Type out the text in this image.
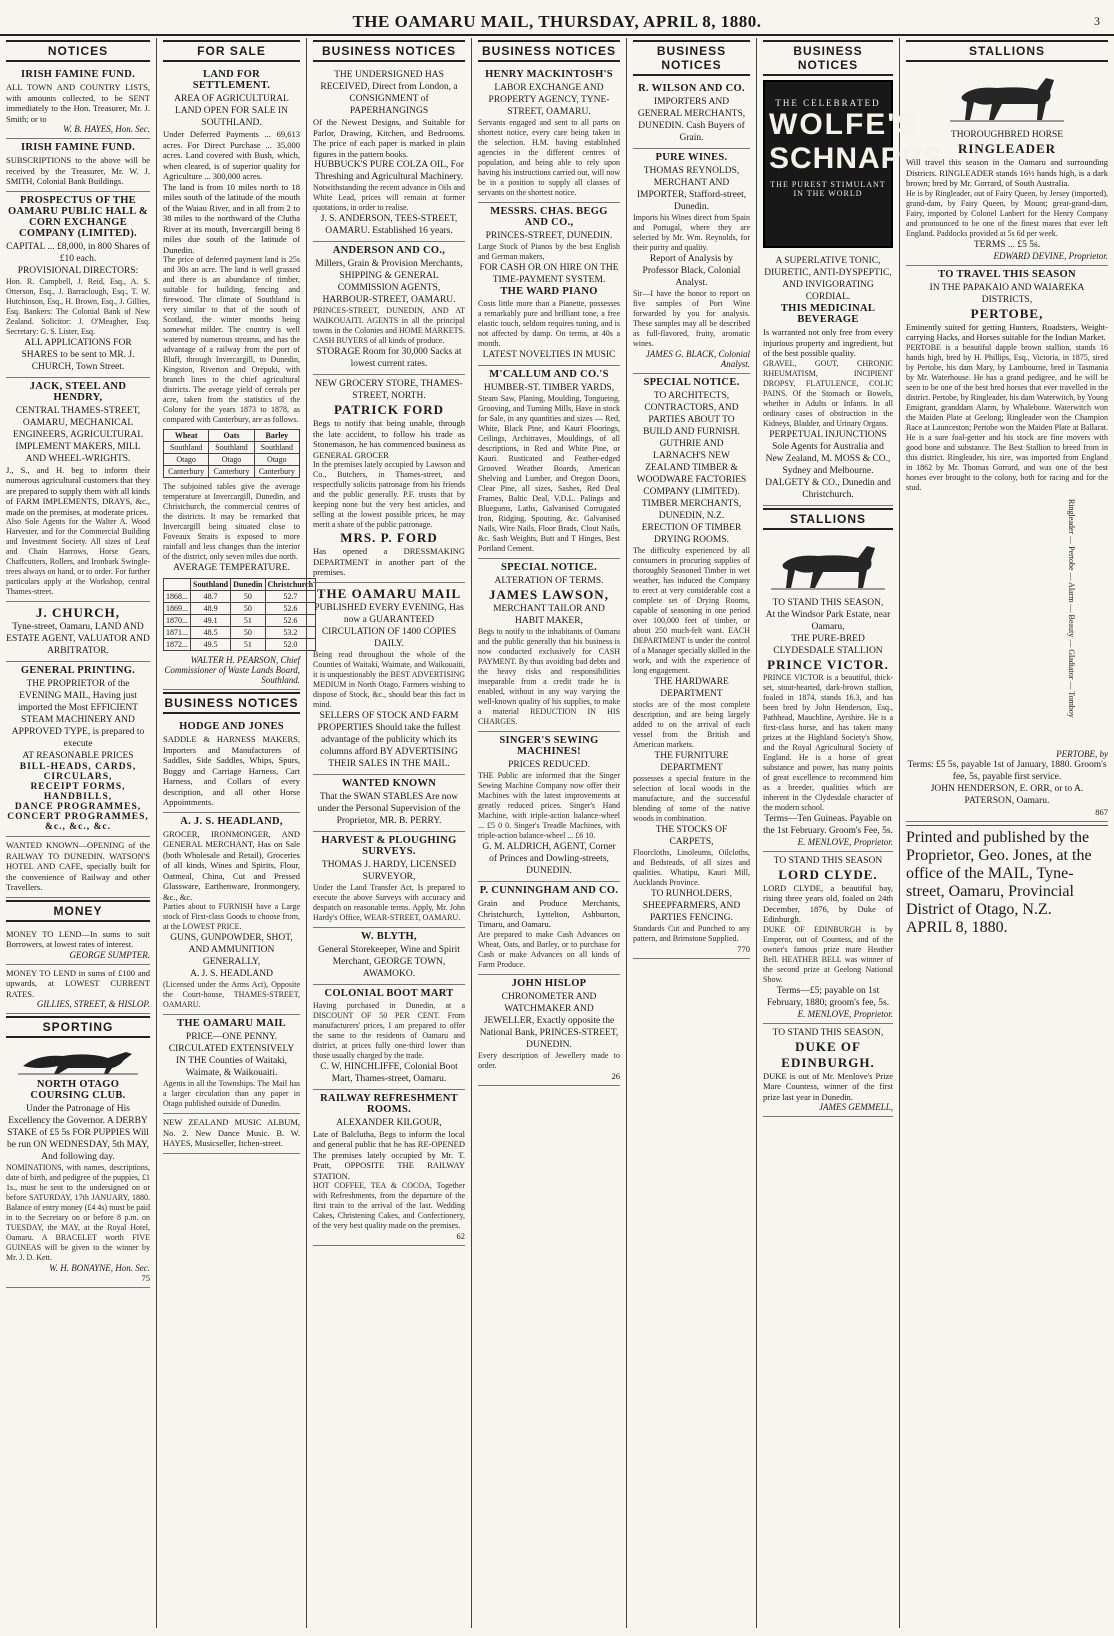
THE OAMARU MAIL, THURSDAY, APRIL 8, 1880.	3
NOTICES
IRISH FAMINE FUND.
ALL TOWN AND COUNTRY LISTS, with amounts collected, to be SENT immediately to the Hon. Treasurer, Mr. J. Smith; or to
W. B. HAYES, Hon. Sec.
IRISH FAMINE FUND.
SUBSCRIPTIONS to the above will be received by the Treasurer, Mr. W. J. SMITH, Colonial Bank Buildings.
PROSPECTUS OF THE OAMARU PUBLIC HALL & CORN EXCHANGE COMPANY (LIMITED).
CAPITAL ... £8,000, in 800 Shares of £10 each.
PROVISIONAL DIRECTORS:
Hon. R. Campbell, J. Reid, Esq., A. S. Otterson, Esq., J. Barraclough, Esq., T. W. Hutchinson, Esq., H. Brown, Esq., J. Gillies, Esq. Bankers: The Colonial Bank of New Zealand. Solicitor: J. O'Meagher, Esq. Secretary: G. S. Lister, Esq.
ALL APPLICATIONS FOR SHARES to be sent to MR. J. CHURCH, Town Street.
JACK, STEEL AND HENDRY,
CENTRAL THAMES-STREET, OAMARU, MECHANICAL ENGINEERS, AGRICULTURAL IMPLEMENT MAKERS, MILL AND WHEEL-WRIGHTS.
J., S., and H. beg to inform their numerous agricultural customers that they are prepared to supply them with all kinds of FARM IMPLEMENTS, DRAYS, &c., made on the premises, at moderate prices.
Also Sole Agents for the Walter A. Wood Harvester, and for the Commercial Building and Investment Society. All sizes of Leaf and Chain Harrows, Horse Gears, Chaffcutters, Rollers, and Ironbark Swingle-trees always on hand, or to order. For further particulars apply at the Workshop, central Thames-street.
J. CHURCH,
Tyne-street, Oamaru, LAND AND ESTATE AGENT, VALUATOR AND ARBITRATOR.
GENERAL PRINTING.
THE PROPRIETOR of the EVENING MAIL, Having just imported the Most EFFICIENT STEAM MACHINERY AND APPROVED TYPE, is prepared to execute
AT REASONABLE PRICES
BILL-HEADS, CARDS, CIRCULARS,
RECEIPT FORMS,
HANDBILLS,
DANCE PROGRAMMES,
CONCERT PROGRAMMES, &c., &c., &c.
WANTED KNOWN—OPENING of the RAILWAY TO DUNEDIN. WATSON'S HOTEL AND CAFE, specially built for the convenience of Railway and other Travellers.
MONEY
MONEY TO LEND—In sums to suit Borrowers, at lowest rates of interest.
GEORGE SUMPTER.
MONEY TO LEND in sums of £100 and upwards, at LOWEST CURRENT RATES.
GILLIES, STREET, & HISLOP.
SPORTING
NORTH OTAGO COURSING CLUB.
Under the Patronage of His Excellency the Governor. A DERBY STAKE of £5 5s FOR PUPPIES Will be run ON WEDNESDAY, 5th MAY, And following day.
NOMINATIONS, with names, descriptions, date of birth, and pedigree of the puppies, £1 1s., must be sent to the undersigned on or before SATURDAY, 17th JANUARY, 1880. Balance of entry money (£4 4s) must be paid in to the Secretary on or before 8 p.m. on TUESDAY, the MAY, at the Royal Hotel, Oamaru. A BRACELET worth FIVE GUINEAS will be given to the winner by Mr. J. D. Kett.
W. H. BONAYNE, Hon. Sec.
75
FOR SALE
LAND FOR SETTLEMENT.
AREA OF AGRICULTURAL LAND OPEN FOR SALE IN SOUTHLAND.
Under Deferred Payments ... 69,613 acres. For Direct Purchase ... 35,000 acres. Land covered with Bush, which, when cleared, is of superior quality for Agriculture ... 300,000 acres.
The land is from 10 miles north to 18 miles south of the latitude of the mouth of the Waiau River, and in all from 2 to 38 miles to the northward of the Clutha River at its mouth, Invercargill being 8 miles due south of the latitude of Dunedin.
The price of deferred payment land is 25s and 30s an acre. The land is well grassed and there is an abundance of timber, suitable for building, fencing and firewood. The climate of Southland is very similar to that of the south of Scotland, the winter months being somewhat milder. The country is well watered by numerous streams, and has the advantage of a railway from the port of Bluff, through Invercargill, to Dunedin, Kingston, Riverton and Orepuki, with branch lines to the chief agricultural districts. The average yield of cereals per acre, taken from the statistics of the Colony for the years 1873 to 1878, as compared with Canterbury, are as follows.
Wheat	Oats	Barley
Southland	Southland	Southland
Otago	Otago	Otago
Canterbury	Canterbury	Canterbury
The subjoined tables give the average temperature at Invercargill, Dunedin, and Christchurch, the commercial centres of the districts. It may be remarked that Invercargill being situated close to Foveaux Straits is exposed to more rainfall and less changes than the interior of the district, only seven miles due north.
AVERAGE TEMPERATURE.
	Southland	Dunedin	Christchurch
1868...	48.7	50	52.7
1869...	48.9	50	52.6
1870...	49.1	51	52.6
1871...	48.5	50	53.2
1872...	49.5	51	52.0
WALTER H. PEARSON, Chief Commissioner of Waste Lands Board, Southland.
BUSINESS NOTICES
HODGE AND JONES
SADDLE & HARNESS MAKERS, Importers and Manufacturers of Saddles, Side Saddles, Whips, Spurs, Buggy and Carriage Harness, Cart Harness, and Collars of every description, and all other Horse Appointments.
A. J. S. HEADLAND,
GROCER, IRONMONGER, AND GENERAL MERCHANT, Has on Sale (both Wholesale and Retail), Groceries of all kinds, Wines and Spirits, Flour, Oatmeal, China, Cut and Pressed Glassware, Earthenware, Ironmongery, &c., &c.
Parties about to FURNISH have a Large stock of First-class Goods to choose from, at the LOWEST PRICE.
GUNS, GUNPOWDER, SHOT, AND AMMUNITION GENERALLY,
A. J. S. HEADLAND
(Licensed under the Arms Act), Opposite the Court-house, THAMES-STREET, OAMARU.
THE OAMARU MAIL
PRICE—ONE PENNY. CIRCULATED EXTENSIVELY IN THE Counties of Waitaki, Waimate, & Waikouaiti.
Agents in all the Townships. The Mail has a larger circulation than any paper in Otago published outside of Dunedin.
NEW ZEALAND MUSIC ALBUM, No. 2. New Dance Music. B. W. HAYES, Musicseller, Itchen-street.
BUSINESS NOTICES
THE UNDERSIGNED HAS RECEIVED, Direct from London, a CONSIGNMENT of PAPERHANGINGS
Of the Newest Designs, and Suitable for Parlor, Drawing, Kitchen, and Bedrooms. The price of each paper is marked in plain figures in the pattern books.
HUBBUCK'S PURE COLZA OIL, For Threshing and Agricultural Machinery.
Notwithstanding the recent advance in Oils and White Lead, prices will remain at former quotations, in order to realise.
J. S. ANDERSON, TEES-STREET, OAMARU. Established 16 years.
ANDERSON AND CO.,
Millers, Grain & Provision Merchants, SHIPPING & GENERAL COMMISSION AGENTS, HARBOUR-STREET, OAMARU.
PRINCES-STREET, DUNEDIN, AND AT WAIKOUAITI. AGENTS in all the principal towns in the Colonies and HOME MARKETS. CASH BUYERS of all kinds of produce.
STORAGE Room for 30,000 Sacks at lowest current rates.
NEW GROCERY STORE, THAMES-STREET, NORTH.
PATRICK FORD
Begs to notify that being unable, through the late accident, to follow his trade as Stonemason, he has commenced business as GENERAL GROCER
In the premises lately occupied by Lawson and Co., Butchers, in Thames-street, and respectfully solicits patronage from his friends and the public generally. P.F. trusts that by keeping none but the very best articles, and selling at the lowest possible prices, he may merit a share of the public patronage.
MRS. P. FORD
Has opened a DRESSMAKING DEPARTMENT in another part of the premises.
THE OAMARU MAIL
PUBLISHED EVERY EVENING, Has now a GUARANTEED CIRCULATION OF 1400 COPIES DAILY.
Being read throughout the whole of the Counties of Waitaki, Waimate, and Waikouaiti, it is unquestionably the BEST ADVERTISING MEDIUM in North Otago. Farmers wishing to dispose of Stock, &c., should bear this fact in mind.
SELLERS OF STOCK AND FARM PROPERTIES Should take the fullest advantage of the publicity which its columns afford BY ADVERTISING THEIR SALES IN THE MAIL.
WANTED KNOWN
That the SWAN STABLES Are now under the Personal Supervision of the Proprietor, MR. B. PERRY.
HARVEST & PLOUGHING SURVEYS.
THOMAS J. HARDY, LICENSED SURVEYOR,
Under the Land Transfer Act, Is prepared to execute the above Surveys with accuracy and despatch on reasonable terms. Apply, Mr. John Hardy's Office, WEAR-STREET, OAMARU.
W. BLYTH,
General Storekeeper, Wine and Spirit Merchant, GEORGE TOWN, AWAMOKO.
COLONIAL BOOT MART
Having purchased in Dunedin, at a DISCOUNT OF 50 PER CENT. From manufacturers' prices, I am prepared to offer the same to the residents of Oamaru and district, at prices fully one-third lower than those usually charged by the trade.
C. W. HINCHLIFFE, Colonial Boot Mart, Thames-street, Oamaru.
RAILWAY REFRESHMENT ROOMS.
ALEXANDER KILGOUR,
Late of Balclutha, Begs to inform the local and general public that he has RE-OPENED The premises lately occupied by Mr. T. Pratt, OPPOSITE THE RAILWAY STATION.
HOT COFFEE, TEA & COCOA, Together with Refreshments, from the departure of the first train to the arrival of the last. Wedding Cakes, Christening Cakes, and Confectionery, of the very best quality made on the premises.
62
BUSINESS NOTICES
HENRY MACKINTOSH'S
LABOR EXCHANGE AND PROPERTY AGENCY, TYNE-STREET, OAMARU.
Servants engaged and sent to all parts on shortest notice, every care being taken in the selection. H.M. having established agencies in the different centres of population, and being able to rely upon having his instructions carried out, will now be in a position to supply all classes of servants on the shortest notice.
MESSRS. CHAS. BEGG AND CO.,
PRINCES-STREET, DUNEDIN.
Large Stock of Pianos by the best English and German makers,
FOR CASH OR ON HIRE ON THE TIME-PAYMENT SYSTEM.
THE WARD PIANO
Costs little more than a Pianette, possesses a remarkably pure and brilliant tone, a free elastic touch, seldom requires tuning, and is not affected by damp. On terms, at 40s a month.
LATEST NOVELTIES IN MUSIC
M'CALLUM AND CO.'S
HUMBER-ST. TIMBER YARDS,
Steam Saw, Planing, Moulding, Tongueing, Grooving, and Turning Mills, Have in stock for Sale, in any quantities and sizes — Red, White, Black Pine, and Kauri Floorings, Ceilings, Architraves, Mouldings, of all descriptions, in Red and White Pine, or Kauri. Rusticated and Feather-edged Grooved Weather Boards, American Shelving and Lumber, and Oregon Doors, Clear Pine, all sizes, Sashes, Red Deal Frames, Baltic Deal, V.D.L. Palings and Bluegums, Laths, Galvanised Corrugated Iron, Ridging, Spouting, &c. Galvanised Nails, Wire Nails, Floor Brads, Clout Nails, &c. Sash Weights, Butt and T Hinges, Best Portland Cement.
SPECIAL NOTICE.
ALTERATION OF TERMS.
JAMES LAWSON,
MERCHANT TAILOR AND HABIT MAKER,
Begs to notify to the inhabitants of Oamaru and the public generally that his business is now conducted exclusively for CASH PAYMENT. By thus avoiding bad debts and the heavy risks and responsibilities inseparable from a credit trade he is enabled, without in any way varying the well-known quality of his supplies, to make a material REDUCTION IN HIS CHARGES.
SINGER'S SEWING MACHINES!
PRICES REDUCED.
THE Public are informed that the Singer Sewing Machine Company now offer their Machines with the latest improvements at greatly reduced prices. Singer's Hand Machine, with triple-action balance-wheel ... £5 0 0. Singer's Treadle Machines, with triple-action balance-wheel ... £6 10.
G. M. ALDRICH, AGENT, Corner of Princes and Dowling-streets, DUNEDIN.
P. CUNNINGHAM AND CO.
Grain and Produce Merchants, Christchurch, Lyttelton, Ashburton, Timaru, and Oamaru.
Are prepared to make Cash Advances on Wheat, Oats, and Barley, or to purchase for Cash or make Advances on all kinds of Farm Produce.
JOHN HISLOP
CHRONOMETER AND WATCHMAKER AND JEWELLER, Exactly opposite the National Bank, PRINCES-STREET, DUNEDIN.
Every description of Jewellery made to order.
26
BUSINESS NOTICES
R. WILSON AND CO.
IMPORTERS AND GENERAL MERCHANTS, DUNEDIN. Cash Buyers of Grain.
PURE WINES.
THOMAS REYNOLDS,
MERCHANT AND IMPORTER, Stafford-street, Dunedin.
Imports his Wines direct from Spain and Portugal, where they are selected by Mr. Wm. Reynolds, for their purity and quality.
Report of Analysis by Professor Black, Colonial Analyst.
Sir—I have the honor to report on five samples of Port Wine forwarded by you for analysis. These samples may all be described as full-flavored, fruity, aromatic wines.
JAMES G. BLACK, Colonial Analyst.
SPECIAL NOTICE.
TO ARCHITECTS, CONTRACTORS, AND PARTIES ABOUT TO BUILD AND FURNISH.
GUTHRIE AND LARNACH'S NEW ZEALAND TIMBER & WOODWARE FACTORIES COMPANY (LIMITED).
TIMBER MERCHANTS, DUNEDIN, N.Z.
ERECTION OF TIMBER DRYING ROOMS.
The difficulty experienced by all consumers in procuring supplies of thoroughly Seasoned Timber in wet weather, has induced the Company to erect at very considerable cost a complete set of Drying Rooms, capable of seasoning in one period over 100,000 feet of timber, or about 250 much-felt want. EACH DEPARTMENT is under the control of a Manager specially skilled in the work, and with the experience of long engagement.
THE HARDWARE DEPARTMENT
stocks are of the most complete description, and are being largely added to on the arrival of each vessel from the British and American markets.
THE FURNITURE DEPARTMENT
possesses a special feature in the selection of local woods in the manufacture, and the successful blending of some of the native woods in combination.
THE STOCKS OF CARPETS,
Floorcloths, Linoleums, Oilcloths, and Bedsteads, of all sizes and qualities. Whatipu, Kauri Mill, Aucklands Province.
TO RUNHOLDERS, SHEEPFARMERS, AND PARTIES FENCING.
Standards Cut and Punched to any pattern, and Brimstone Supplied.
770
BUSINESS NOTICES
THE CELEBRATED
WOLFE'S
SCHNAPPS
THE PUREST STIMULANT IN THE WORLD
A SUPERLATIVE TONIC, DIURETIC, ANTI-DYSPEPTIC, AND INVIGORATING CORDIAL.
THIS MEDICINAL BEVERAGE
Is warranted not only free from every injurious property and ingredient, but of the best possible quality.
GRAVEL, GOUT, CHRONIC RHEUMATISM, INCIPIENT DROPSY, FLATULENCE, COLIC PAINS. Of the Stomach or Bowels, whether in Adults or Infants. In all ordinary cases of obstruction in the Kidneys, Bladder, and Urinary Organs.
PERPETUAL INJUNCTIONS
Sole Agents for Australia and New Zealand, M. MOSS & CO., Sydney and Melbourne.
DALGETY & CO., Dunedin and Christchurch.
STALLIONS
TO STAND THIS SEASON,
At the Windsor Park Estate, near Oamaru,
THE PURE-BRED CLYDESDALE STALLION
PRINCE VICTOR.
PRINCE VICTOR is a beautiful, thick-set, stout-hearted, dark-brown stallion, foaled in 1874, stands 16.3, and has been bred by John Henderson, Esq., Pathhead, Mauchline, Ayrshire. He is a first-class horse, and has taken many prizes at the Highland Society's Show, and the Royal Agricultural Society of England. He is a horse of great substance and power, has many points of great excellence to recommend him as a breeder, qualities which are inherent in the Clydesdale character of the modern school.
Terms—Ten Guineas. Payable on the 1st February. Groom's Fee, 5s.
E. MENLOVE, Proprietor.
TO STAND THIS SEASON
LORD CLYDE.
LORD CLYDE, a beautiful bay, rising three years old, foaled on 24th December, 1876, by Duke of Edinburgh.
DUKE OF EDINBURGH is by Emperor, out of Countess, and of the owner's famous prize mare Heather Bell. HEATHER BELL was winner of the second prize at Geelong National Show.
Terms—£5; payable on 1st February, 1880; groom's fee, 5s.
E. MENLOVE, Proprietor.
TO STAND THIS SEASON,
DUKE OF EDINBURGH.
DUKE is out of Mr. Menlove's Prize Mare Countess, winner of the first prize last year in Dunedin.
JAMES GEMMELL,
STALLIONS
THOROUGHBRED HORSE
RINGLEADER
Will travel this season in the Oamaru and surrounding Districts. RINGLEADER stands 16½ hands high, is a dark brown; bred by Mr. Gorrard, of South Australia.
He is by Ringleader, out of Fairy Queen, by Jersey (imported), grand-dam, by Fairy Queen, by Mount; great-grand-dam, Fairy, imported by Colonel Lanbert for the Henry Company and pronounced to be one of the finest mares that ever left England. Paddocks provided at 5s 6d per week.
TERMS ... £5 5s.
EDWARD DEVINE, Proprietor.
TO TRAVEL THIS SEASON
IN THE PAPAKAIO AND WAIAREKA DISTRICTS,
PERTOBE,
Eminently suited for getting Hunters, Roadsters, Weight-carrying Hacks, and Horses suitable for the Indian Market.
PERTOBE is a beautiful dapple brown stallion, stands 16 hands high, bred by H. Phillips, Esq., Victoria, in 1875, sired by Pertobe, his dam Mary, by Lambourne, bred in Tasmania by Mr. Waterhouse. He has a grand pedigree, and he will be seen to be one of the best bred horses that ever travelled in the district. Pertobe, by Ringleader, his dam Waterwitch, by Young Emigrant, granddam Alarm, by Whalebone. Waterwitch won the Maiden Plate at Geelong; Ringleader won the Champion Race at Launceston; Pertobe won the Maiden Plate at Ballarat. He is a sure foal-getter and his stock are fine movers with good bone and substance. The Best Stallion to breed from in this district. Ringleader, his sire, was imported from England in 1862 by Mr. Thomas Gorrard, and was one of the best horses ever brought to the colony, both for racing and for the stud.
Ringleader — Pertobe — Alarm — Beauty — Gladiator — Tomboy
PERTOBE, by
Terms: £5 5s, payable 1st of January, 1880. Groom's fee, 5s, payable first service.
JOHN HENDERSON, E. ORR, or to A. PATERSON, Oamaru.
867
Printed and published by the Proprietor, Geo. Jones, at the office of the MAIL, Tyne-street, Oamaru, Provincial District of Otago, N.Z.
APRIL 8, 1880.
